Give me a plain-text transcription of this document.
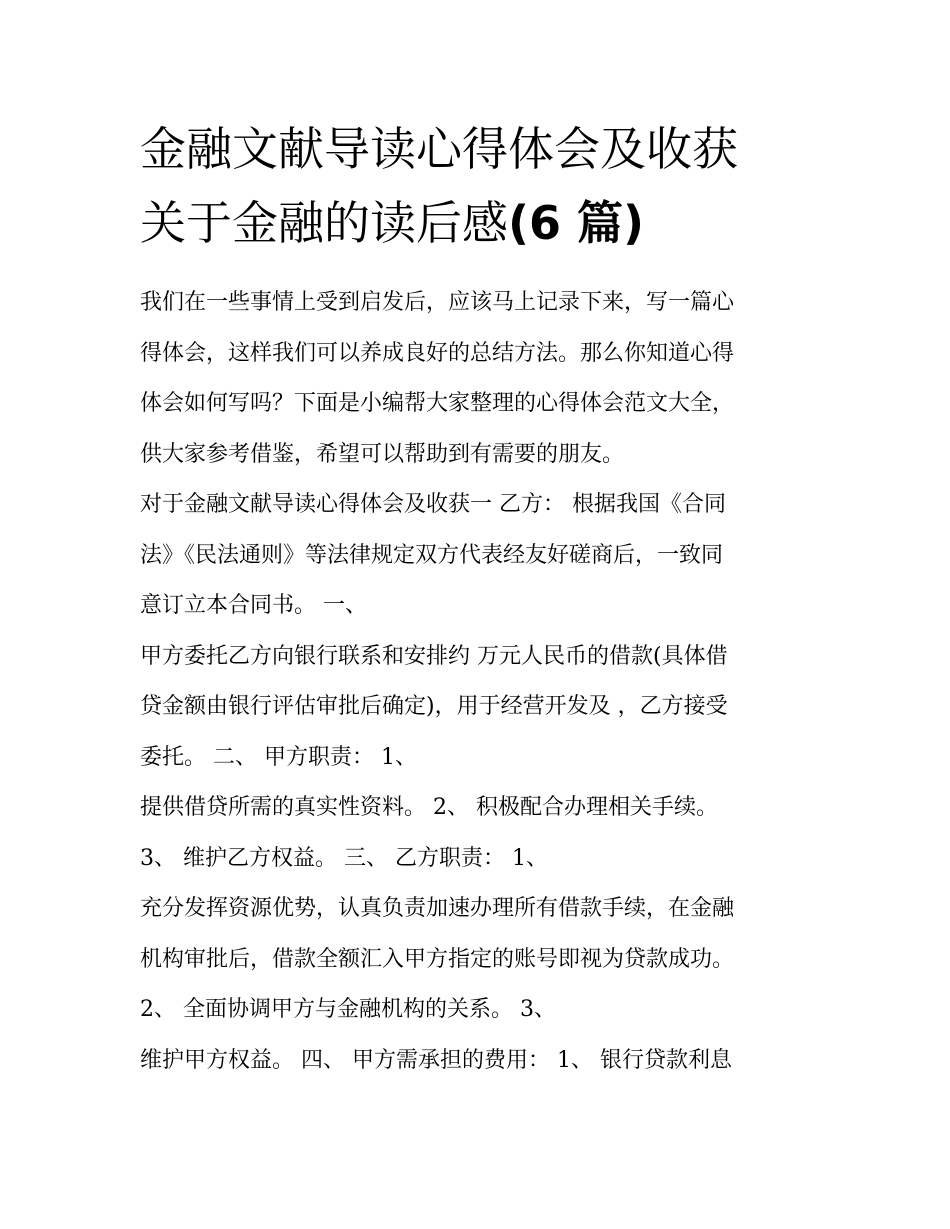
金融文献导读心得体会及收获
关于金融的读后感(6 篇)
我们在一些事情上受到启发后，应该马上记录下来，写一篇心
得体会，这样我们可以养成良好的总结方法。那么你知道心得
体会如何写吗？下面是小编帮大家整理的心得体会范文大全，
供大家参考借鉴，希望可以帮助到有需要的朋友。
对于金融文献导读心得体会及收获一 乙方： 根据我国《合同
法》《民法通则》等法律规定双方代表经友好磋商后，一致同
意订立本合同书。 一、
甲方委托乙方向银行联系和安排约 万元人民币的借款(具体借
贷金额由银行评估审批后确定)，用于经营开发及 ，乙方接受
委托。 二、 甲方职责： 1、
提供借贷所需的真实性资料。 2、 积极配合办理相关手续。
3、 维护乙方权益。 三、 乙方职责： 1、
充分发挥资源优势，认真负责加速办理所有借款手续，在金融
机构审批后，借款全额汇入甲方指定的账号即视为贷款成功。
2、 全面协调甲方与金融机构的关系。 3、
维护甲方权益。 四、 甲方需承担的费用： 1、 银行贷款利息
